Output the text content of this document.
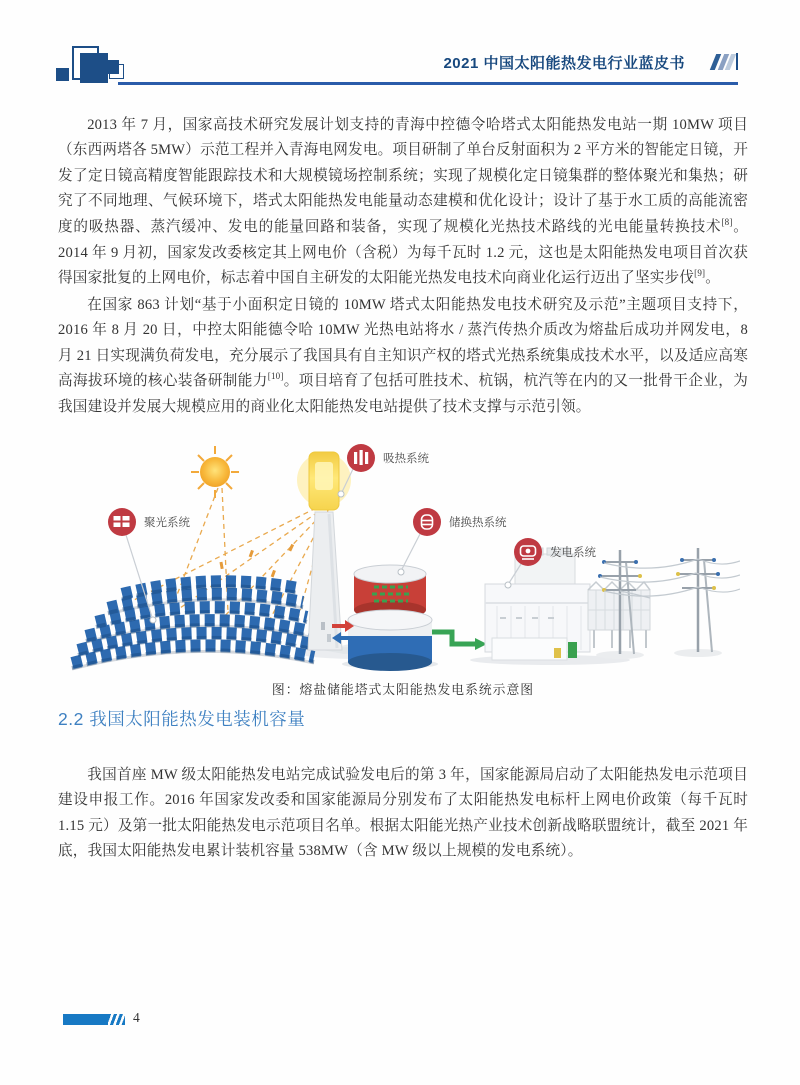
2021 中国太阳能热发电行业蓝皮书

2013 年 7 月，国家高技术研究发展计划支持的青海中控德令哈塔式太阳能热发电站一期 10MW 项目（东西两塔各 5MW）示范工程并入青海电网发电。项目研制了单台反射面积为 2 平方米的智能定日镜，开发了定日镜高精度智能跟踪技术和大规模镜场控制系统；实现了规模化定日镜集群的整体聚光和集热；研究了不同地理、气候环境下，塔式太阳能热发电能量动态建模和优化设计；设计了基于水工质的高能流密度的吸热器、蒸汽缓冲、发电的能量回路和装备，实现了规模化光热技术路线的光电能量转换技术[8]。2014 年 9 月初，国家发改委核定其上网电价（含税）为每千瓦时 1.2 元，这也是太阳能热发电项目首次获得国家批复的上网电价，标志着中国自主研发的太阳能光热发电技术向商业化运行迈出了坚实步伐[9]。

在国家 863 计划“基于小面积定日镜的 10MW 塔式太阳能热发电技术研究及示范”主题项目支持下，2016 年 8 月 20 日，中控太阳能德令哈 10MW 光热电站将水 / 蒸汽传热介质改为熔盐后成功并网发电，8 月 21 日实现满负荷发电，充分展示了我国具有自主知识产权的塔式光热系统集成技术水平，以及适应高寒高海拔环境的核心装备研制能力[10]。项目培育了包括可胜技术、杭锅，杭汽等在内的又一批骨干企业，为我国建设并发展大规模应用的商业化太阳能热发电站提供了技术支撑与示范引领。

聚光系统
吸热系统
储换热系统
发电系统
图：熔盐储能塔式太阳能热发电系统示意图
2.2 我国太阳能热发电装机容量

我国首座 MW 级太阳能热发电站完成试验发电后的第 3 年，国家能源局启动了太阳能热发电示范项目建设申报工作。2016 年国家发改委和国家能源局分别发布了太阳能热发电标杆上网电价政策（每千瓦时 1.15 元）及第一批太阳能热发电示范项目名单。根据太阳能光热产业技术创新战略联盟统计，截至 2021 年底，我国太阳能热发电累计装机容量 538MW（含 MW 级以上规模的发电系统）。

4
